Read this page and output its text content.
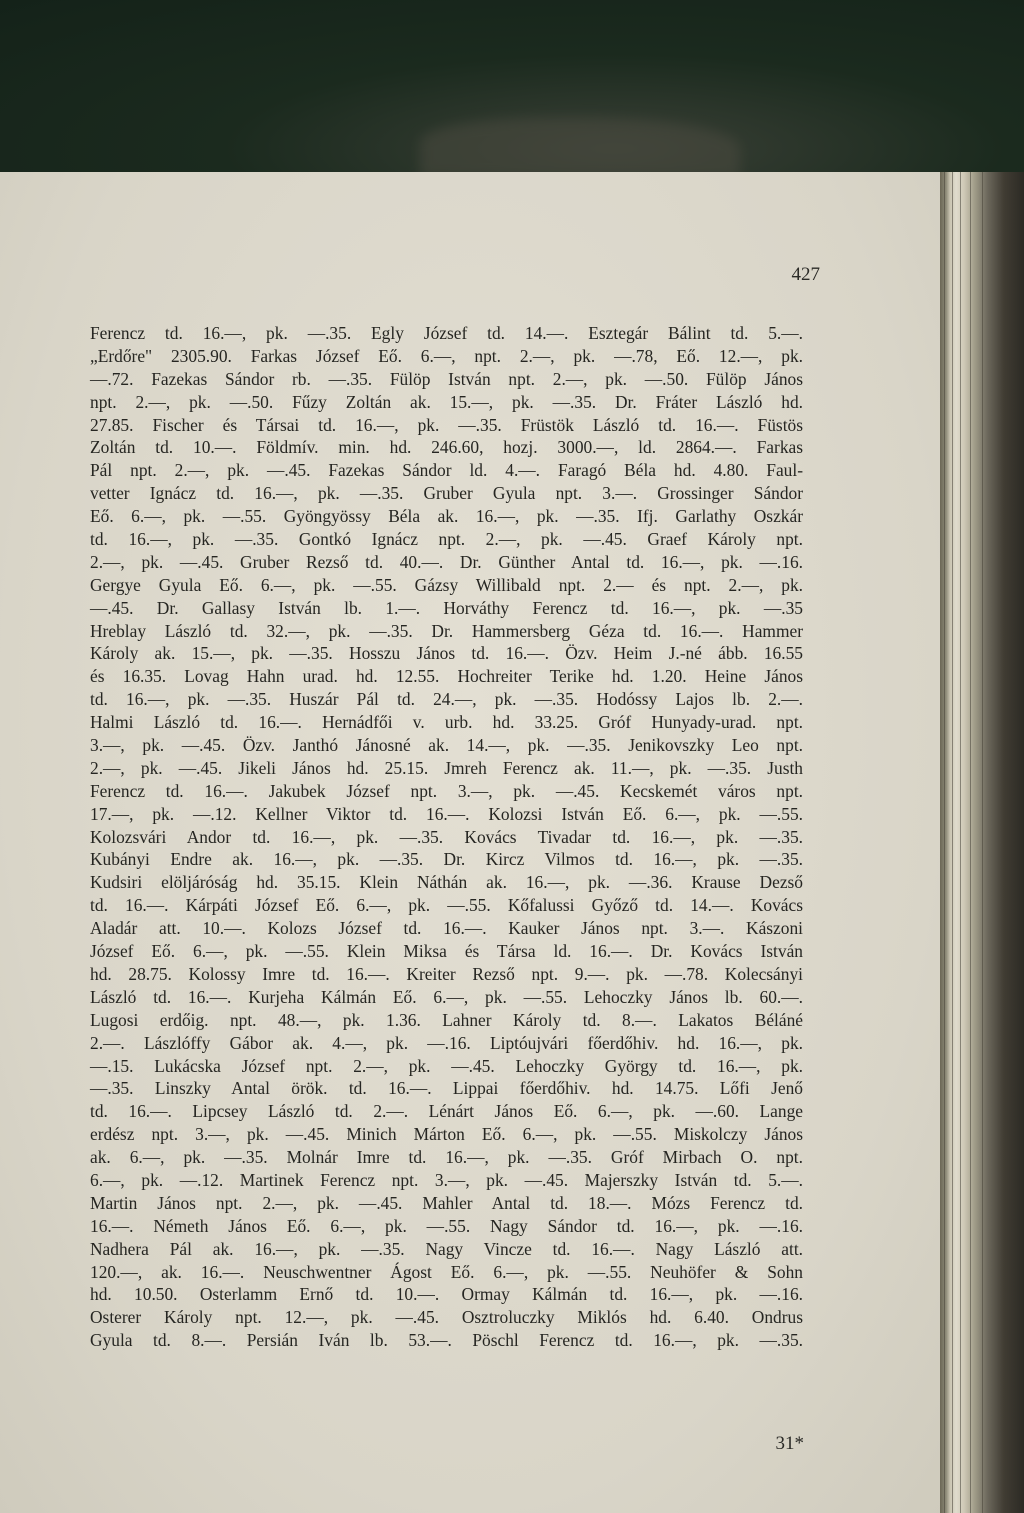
427
Ferencz td. 16.—, pk. —.35. Egly József td. 14.—. Esztegár Bálint td. 5.—.
„Erdőre" 2305.90. Farkas József Eő. 6.—, npt. 2.—, pk. —.78, Eő. 12.—, pk.
—.72. Fazekas Sándor rb. —.35. Fülöp István npt. 2.—, pk. —.50. Fülöp János
npt. 2.—, pk. —.50. Fűzy Zoltán ak. 15.—, pk. —.35. Dr. Fráter László hd.
27.85. Fischer és Társai td. 16.—, pk. —.35. Früstök László td. 16.—. Füstös
Zoltán td. 10.—. Földmív. min. hd. 246.60, hozj. 3000.—, ld. 2864.—. Farkas
Pál npt. 2.—, pk. —.45. Fazekas Sándor ld. 4.—. Faragó Béla hd. 4.80. Faul-
vetter Ignácz td. 16.—, pk. —.35. Gruber Gyula npt. 3.—. Grossinger Sándor
Eő. 6.—, pk. —.55. Gyöngyössy Béla ak. 16.—, pk. —.35. Ifj. Garlathy Oszkár
td. 16.—, pk. —.35. Gontkó Ignácz npt. 2.—, pk. —.45. Graef Károly npt.
2.—, pk. —.45. Gruber Rezső td. 40.—. Dr. Günther Antal td. 16.—, pk. —.16.
Gergye Gyula Eő. 6.—, pk. —.55. Gázsy Willibald npt. 2.— és npt. 2.—, pk.
—.45. Dr. Gallasy István lb. 1.—. Horváthy Ferencz td. 16.—, pk. —.35
Hreblay László td. 32.—, pk. —.35. Dr. Hammersberg Géza td. 16.—. Hammer
Károly ak. 15.—, pk. —.35. Hosszu János td. 16.—. Özv. Heim J.-né ább. 16.55
és 16.35. Lovag Hahn urad. hd. 12.55. Hochreiter Terike hd. 1.20. Heine János
td. 16.—, pk. —.35. Huszár Pál td. 24.—, pk. —.35. Hodóssy Lajos lb. 2.—.
Halmi László td. 16.—. Hernádfői v. urb. hd. 33.25. Gróf Hunyady-urad. npt.
3.—, pk. —.45. Özv. Janthó Jánosné ak. 14.—, pk. —.35. Jenikovszky Leo npt.
2.—, pk. —.45. Jikeli János hd. 25.15. Jmreh Ferencz ak. 11.—, pk. —.35. Justh
Ferencz td. 16.—. Jakubek József npt. 3.—, pk. —.45. Kecskemét város npt.
17.—, pk. —.12. Kellner Viktor td. 16.—. Kolozsi István Eő. 6.—, pk. —.55.
Kolozsvári Andor td. 16.—, pk. —.35. Kovács Tivadar td. 16.—, pk. —.35.
Kubányi Endre ak. 16.—, pk. —.35. Dr. Kircz Vilmos td. 16.—, pk. —.35.
Kudsiri elöljáróság hd. 35.15. Klein Náthán ak. 16.—, pk. —.36. Krause Dezső
td. 16.—. Kárpáti József Eő. 6.—, pk. —.55. Kőfalussi Győző td. 14.—. Kovács
Aladár att. 10.—. Kolozs József td. 16.—. Kauker János npt. 3.—. Kászoni
József Eő. 6.—, pk. —.55. Klein Miksa és Társa ld. 16.—. Dr. Kovács István
hd. 28.75. Kolossy Imre td. 16.—. Kreiter Rezső npt. 9.—. pk. —.78. Kolecsányi
László td. 16.—. Kurjeha Kálmán Eő. 6.—, pk. —.55. Lehoczky János lb. 60.—.
Lugosi erdőig. npt. 48.—, pk. 1.36. Lahner Károly td. 8.—. Lakatos Béláné
2.—. Lászlóffy Gábor ak. 4.—, pk. —.16. Liptóujvári főerdőhiv. hd. 16.—, pk.
—.15. Lukácska József npt. 2.—, pk. —.45. Lehoczky György td. 16.—, pk.
—.35. Linszky Antal örök. td. 16.—. Lippai főerdőhiv. hd. 14.75. Lőfi Jenő
td. 16.—. Lipcsey László td. 2.—. Lénárt János Eő. 6.—, pk. —.60. Lange
erdész npt. 3.—, pk. —.45. Minich Márton Eő. 6.—, pk. —.55. Miskolczy János
ak. 6.—, pk. —.35. Molnár Imre td. 16.—, pk. —.35. Gróf Mirbach O. npt.
6.—, pk. —.12. Martinek Ferencz npt. 3.—, pk. —.45. Majerszky István td. 5.—.
Martin János npt. 2.—, pk. —.45. Mahler Antal td. 18.—. Mózs Ferencz td.
16.—. Németh János Eő. 6.—, pk. —.55. Nagy Sándor td. 16.—, pk. —.16.
Nadhera Pál ak. 16.—, pk. —.35. Nagy Vincze td. 16.—. Nagy László att.
120.—, ak. 16.—. Neuschwentner Ágost Eő. 6.—, pk. —.55. Neuhöfer & Sohn
hd. 10.50. Osterlamm Ernő td. 10.—. Ormay Kálmán td. 16.—, pk. —.16.
Osterer Károly npt. 12.—, pk. —.45. Osztroluczky Miklós hd. 6.40. Ondrus
Gyula td. 8.—. Persián Iván lb. 53.—. Pöschl Ferencz td. 16.—, pk. —.35.
31*
